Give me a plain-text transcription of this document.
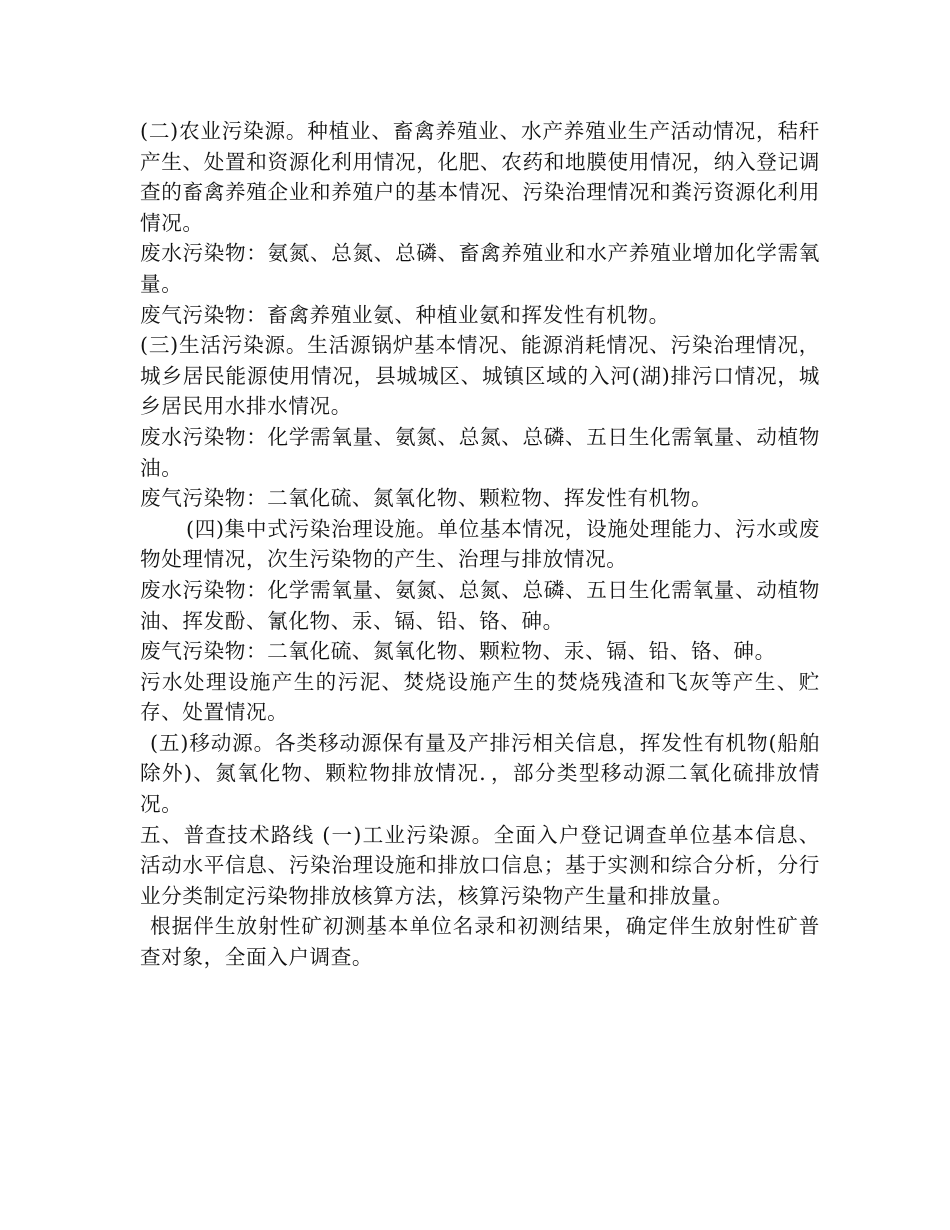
(二)农业污染源。种植业、畜禽养殖业、水产养殖业生产活动情况，秸秆产生、处置和资源化利用情况，化肥、农药和地膜使用情况，纳入登记调查的畜禽养殖企业和养殖户的基本情况、污染治理情况和粪污资源化利用情况。

废水污染物：氨氮、总氮、总磷、畜禽养殖业和水产养殖业增加化学需氧量。

废气污染物：畜禽养殖业氨、种植业氨和挥发性有机物。

(三)生活污染源。生活源锅炉基本情况、能源消耗情况、污染治理情况，城乡居民能源使用情况，县城城区、城镇区域的入河(湖)排污口情况，城乡居民用水排水情况。

废水污染物：化学需氧量、氨氮、总氮、总磷、五日生化需氧量、动植物油。

废气污染物：二氧化硫、氮氧化物、颗粒物、挥发性有机物。

(四)集中式污染治理设施。单位基本情况，设施处理能力、污水或废物处理情况，次生污染物的产生、治理与排放情况。

废水污染物：化学需氧量、氨氮、总氮、总磷、五日生化需氧量、动植物油、挥发酚、氰化物、汞、镉、铅、铬、砷。

废气污染物：二氧化硫、氮氧化物、颗粒物、汞、镉、铅、铬、砷。

污水处理设施产生的污泥、焚烧设施产生的焚烧残渣和飞灰等产生、贮存、处置情况。

(五)移动源。各类移动源保有量及产排污相关信息，挥发性有机物(船舶除外)、氮氧化物、颗粒物排放情况．，部分类型移动源二氧化硫排放情况。

五、普查技术路线 (一)工业污染源。全面入户登记调查单位基本信息、活动水平信息、污染治理设施和排放口信息；基于实测和综合分析，分行业分类制定污染物排放核算方法，核算污染物产生量和排放量。

根据伴生放射性矿初测基本单位名录和初测结果，确定伴生放射性矿普查对象，全面入户调查。
